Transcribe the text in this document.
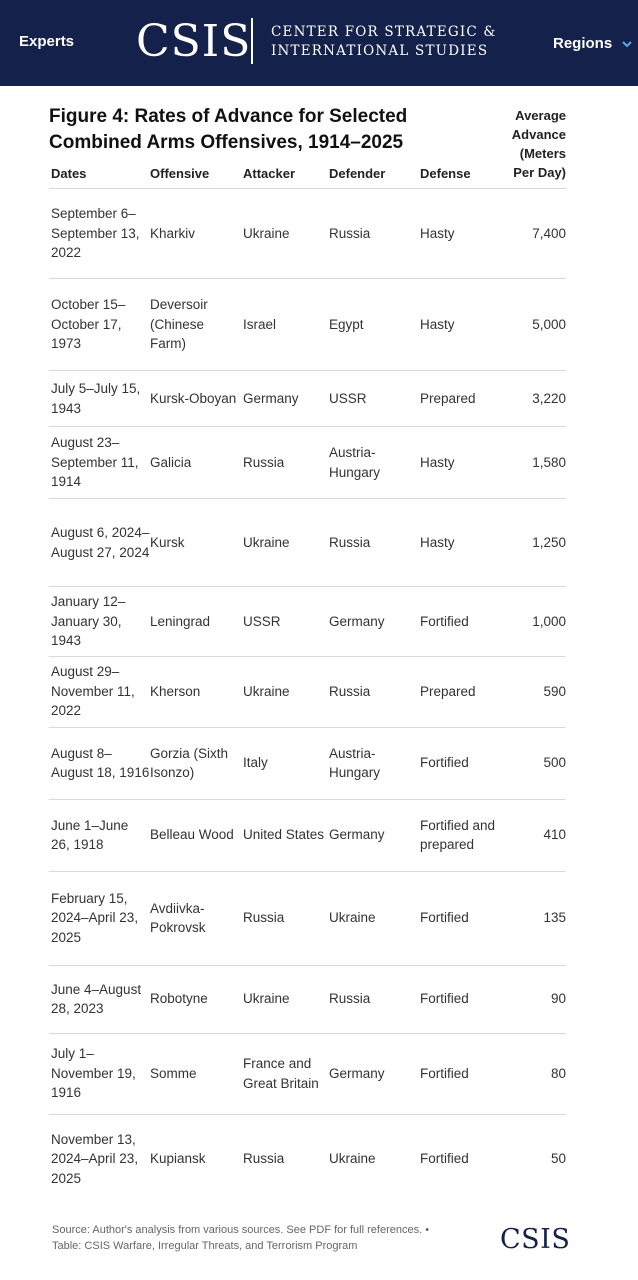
Experts CSIS CENTER FOR STRATEGIC &
INTERNATIONAL STUDIES	Regions
Figure 4: Rates of Advance for Selected
Combined Arms Offensives, 1914–2025
Dates	Offensive	Attacker	Defender	Defense
Average
Advance
(Meters
Per Day)
September 6–September 13, 2022	Kharkiv	Ukraine	Russia	Hasty	7,400
October 15–October 17, 1973	Deversoir (Chinese Farm)	Israel	Egypt	Hasty	5,000
July 5–July 15, 1943	Kursk-Oboyan	Germany	USSR	Prepared	3,220
August 23–September 11, 1914	Galicia	Russia	Austria-Hungary	Hasty	1,580
August 6, 2024–August 27, 2024	Kursk	Ukraine	Russia	Hasty	1,250
January 12–January 30, 1943	Leningrad	USSR	Germany	Fortified	1,000
August 29–November 11, 2022	Kherson	Ukraine	Russia	Prepared	590
August 8–August 18, 1916	Gorzia (Sixth Isonzo)	Italy	Austria-Hungary	Fortified	500
June 1–June 26, 1918	Belleau Wood	United States	Germany	Fortified and prepared	410
February 15, 2024–April 23, 2025	Avdiivka-Pokrovsk	Russia	Ukraine	Fortified	135
June 4–August 28, 2023	Robotyne	Ukraine	Russia	Fortified	90
July 1–November 19, 1916	Somme	France and Great Britain	Germany	Fortified	80
November 13, 2024–April 23, 2025	Kupiansk	Russia	Ukraine	Fortified	50
Source: Author's analysis from various sources. See PDF for full references. •
Table: CSIS Warfare, Irregular Threats, and Terrorism Program	CSIS
